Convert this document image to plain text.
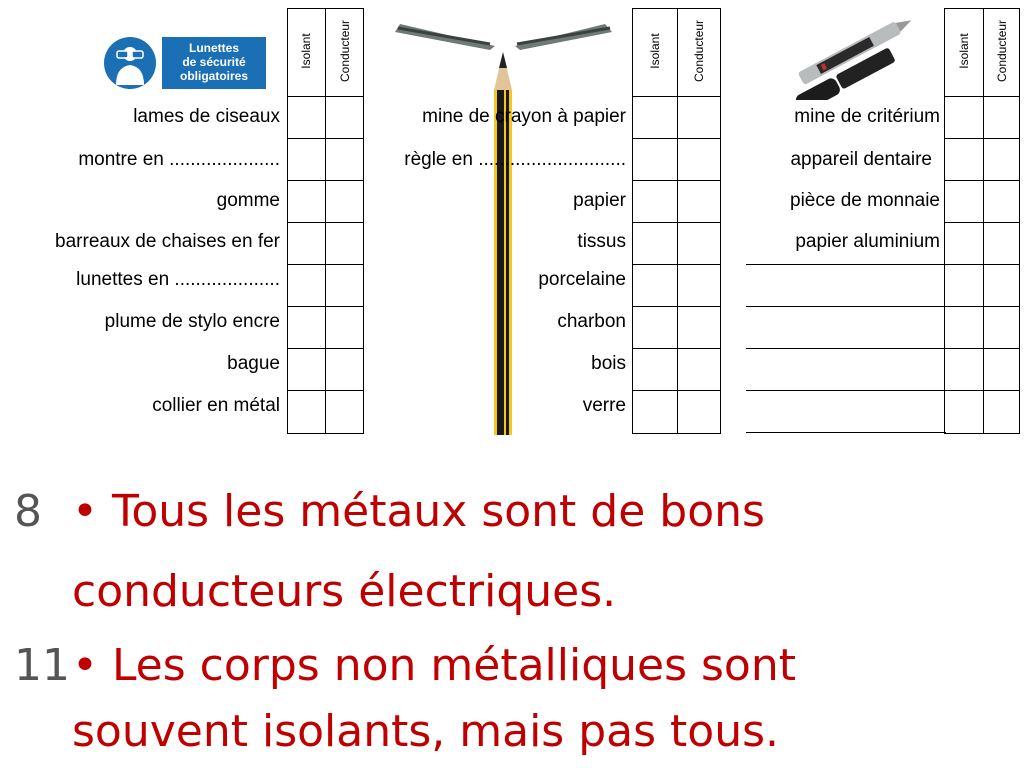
Lunettes
de sécurité
obligatoires
Isolant Conducteur
lames de ciseaux
montre en .....................
gomme
barreaux de chaises en fer
lunettes en ....................
plume de stylo encre
bague
collier en métal
Isolant	Conducteur
mine de crayon à papier
règle en ............................
papier
tissus
porcelaine
charbon
bois
verre
Isolant Conducteur
mine de critérium
appareil dentaire
pièce de monnaie
papier aluminium
8 • Tous les métaux sont de bons
conducteurs électriques.
11 • Les corps non métalliques sont
souvent isolants, mais pas tous.
